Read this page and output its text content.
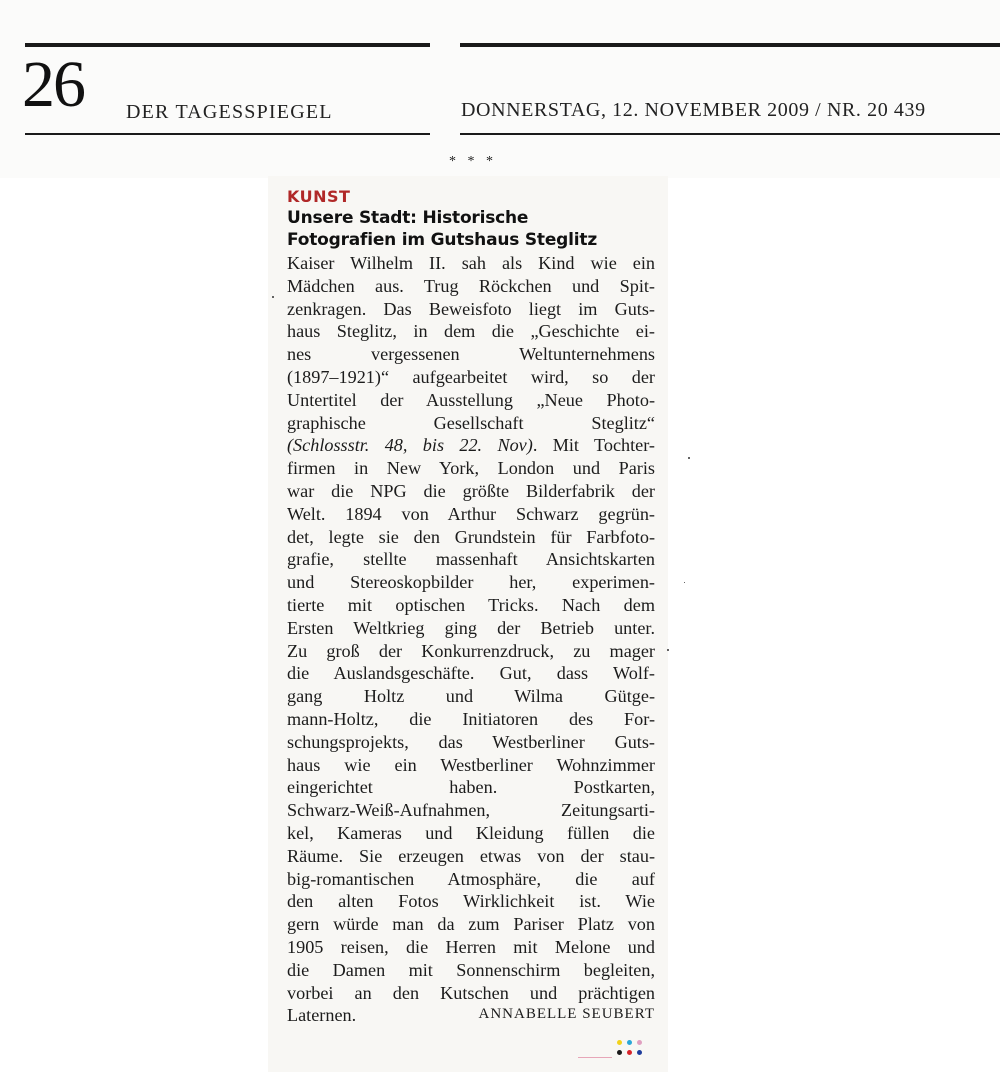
26 DER TAGESSPIEGEL	DONNERSTAG, 12. NOVEMBER 2009 / NR. 20 439
* * *
KUNST
Unsere Stadt: Historische
Fotografien im Gutshaus Steglitz
Kaiser Wilhelm II. sah als Kind wie ein
Mädchen aus. Trug Röckchen und Spit-
zenkragen. Das Beweisfoto liegt im Guts-
haus Steglitz, in dem die „Geschichte ei-
nes vergessenen Weltunternehmens
(1897–1921)“ aufgearbeitet wird, so der
Untertitel der Ausstellung „Neue Photo-
graphische Gesellschaft Steglitz“
(Schlossstr. 48, bis 22. Nov). Mit Tochter-
firmen in New York, London und Paris
war die NPG die größte Bilderfabrik der
Welt. 1894 von Arthur Schwarz gegrün-
det, legte sie den Grundstein für Farbfoto-
grafie, stellte massenhaft Ansichtskarten
und Stereoskopbilder her, experimen-
tierte mit optischen Tricks. Nach dem
Ersten Weltkrieg ging der Betrieb unter.
Zu groß der Konkurrenzdruck, zu mager
die Auslandsgeschäfte. Gut, dass Wolf-
gang Holtz und Wilma Gütge-
mann-Holtz, die Initiatoren des For-
schungsprojekts, das Westberliner Guts-
haus wie ein Westberliner Wohnzimmer
eingerichtet haben. Postkarten,
Schwarz-Weiß-Aufnahmen, Zeitungsarti-
kel, Kameras und Kleidung füllen die
Räume. Sie erzeugen etwas von der stau-
big-romantischen Atmosphäre, die auf
den alten Fotos Wirklichkeit ist. Wie
gern würde man da zum Pariser Platz von
1905 reisen, die Herren mit Melone und
die Damen mit Sonnenschirm begleiten,
vorbei an den Kutschen und prächtigen
Laternen.	ANNABELLE SEUBERT
